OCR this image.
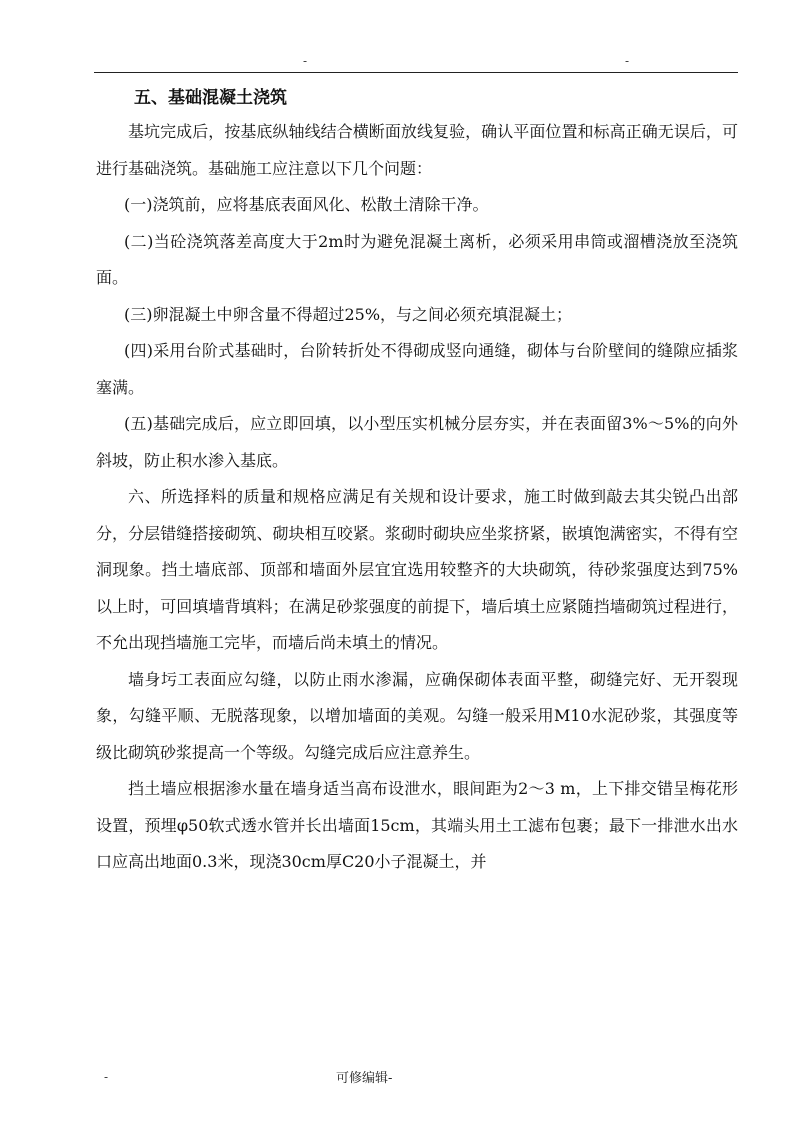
-	-

五、基础混凝土浇筑

基坑完成后，按基底纵轴线结合横断面放线复验，确认平面位置和标高正确无误后，可进行基础浇筑。基础施工应注意以下几个问题：

(一)浇筑前，应将基底表面风化、松散土清除干净。

(二)当砼浇筑落差高度大于2m时为避免混凝土离析，必须采用串筒或溜槽浇放至浇筑面。

(三)卵混凝土中卵含量不得超过25%，与之间必须充填混凝土；

(四)采用台阶式基础时，台阶转折处不得砌成竖向通缝，砌体与台阶壁间的缝隙应插浆塞满。

(五)基础完成后，应立即回填，以小型压实机械分层夯实，并在表面留3%～5%的向外斜坡，防止积水渗入基底。

六、所选择料的质量和规格应满足有关规和设计要求，施工时做到敲去其尖锐凸出部分，分层错缝搭接砌筑、砌块相互咬紧。浆砌时砌块应坐浆挤紧，嵌填饱满密实，不得有空洞现象。挡土墙底部、顶部和墙面外层宜宜选用较整齐的大块砌筑，待砂浆强度达到75%以上时，可回填墙背填料；在满足砂浆强度的前提下，墙后填土应紧随挡墙砌筑过程进行，不允出现挡墙施工完毕，而墙后尚未填土的情况。

墙身圬工表面应勾缝，以防止雨水渗漏，应确保砌体表面平整，砌缝完好、无开裂现象，勾缝平顺、无脱落现象，以增加墙面的美观。勾缝一般采用M10水泥砂浆，其强度等级比砌筑砂浆提高一个等级。勾缝完成后应注意养生。

挡土墙应根据渗水量在墙身适当高布设泄水，眼间距为2～3 m，上下排交错呈梅花形设置，预埋φ50软式透水管并长出墙面15cm，其端头用土工滤布包裹；最下一排泄水出水口应高出地面0.3米，现浇30cm厚C20小子混凝土，并

-	可修编辑-
